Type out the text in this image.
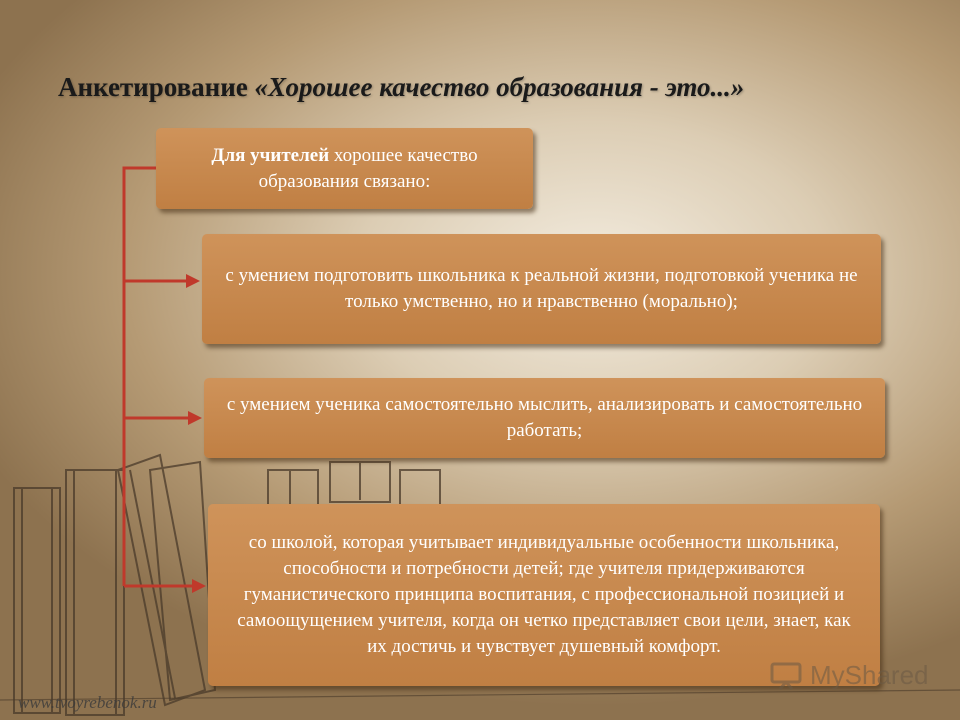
Анкетирование «Хорошее качество образования - это...»
Для учителей хорошее качество образования связано:
с умением подготовить школьника к реальной жизни, подготовкой ученика не только умственно, но и нравственно (морально);
с умением ученика самостоятельно мыслить, анализировать и самостоятельно работать;
со школой, которая учитывает индивидуальные особенности школьника, способности и потребности детей; где учителя придерживаются гуманистического принципа воспитания, с профессиональной позицией и самоощущением учителя, когда он четко представляет свои цели, знает, как их достичь и чувствует душевный комфорт.
www.tvoyrebenok.ru
MyShared
